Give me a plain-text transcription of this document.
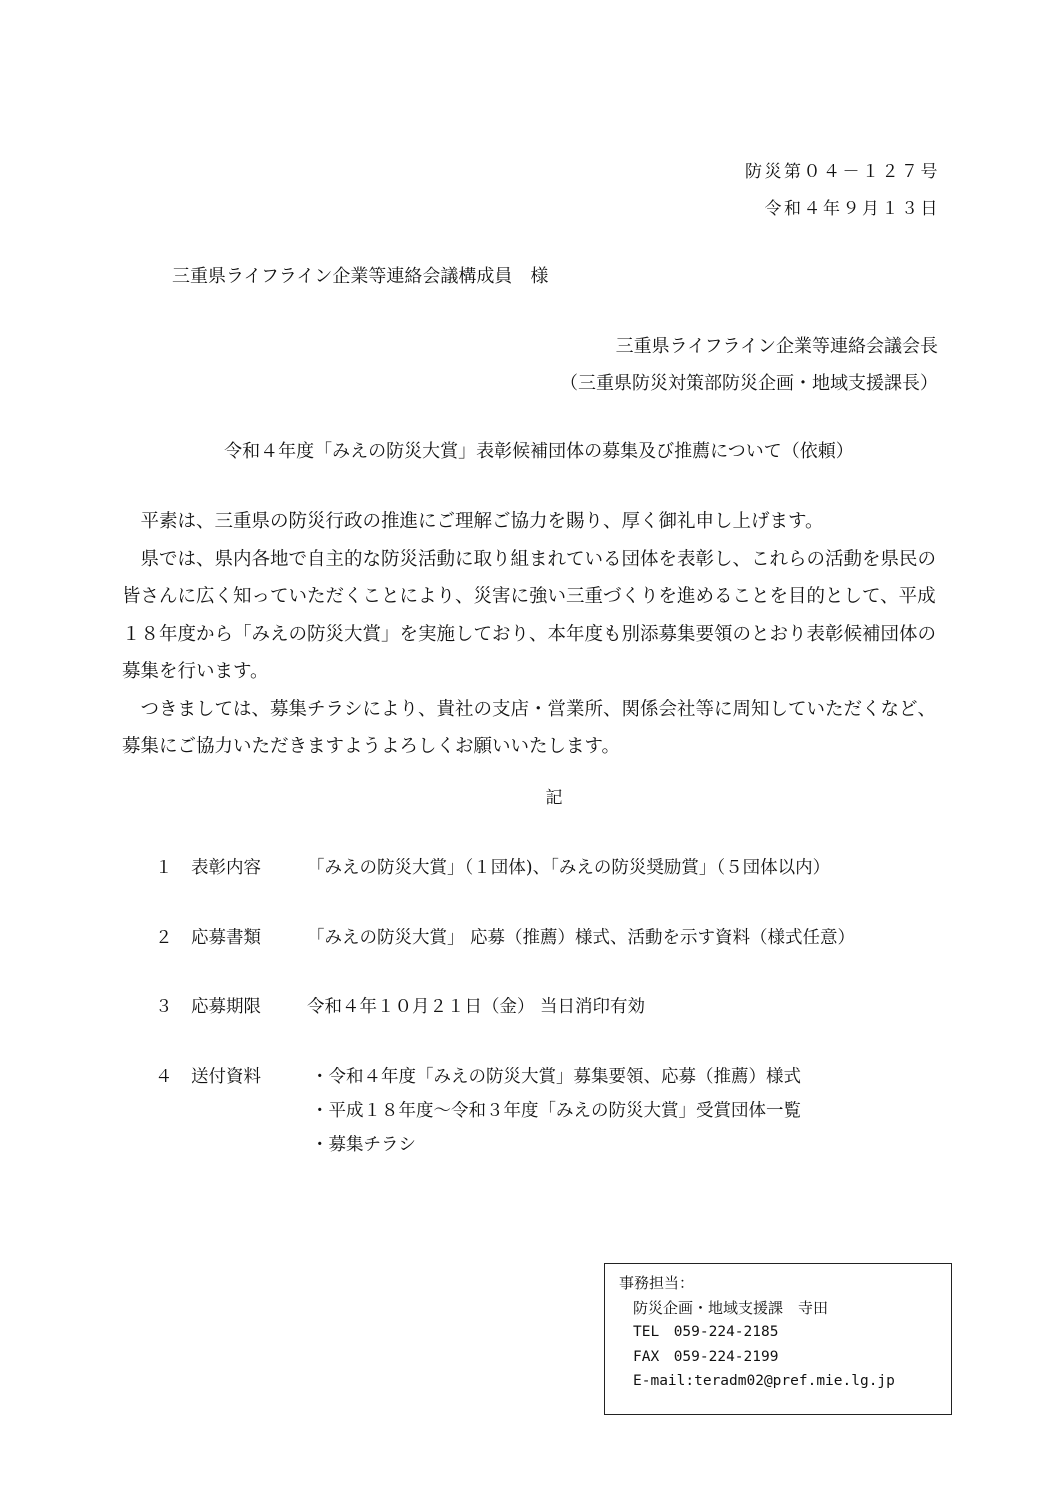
防災第０４－１２７号
令和４年９月１３日
三重県ライフライン企業等連絡会議構成員　様
三重県ライフライン企業等連絡会議会長
（三重県防災対策部防災企画・地域支援課長）
令和４年度「みえの防災大賞」表彰候補団体の募集及び推薦について（依頼）

平素は、三重県の防災行政の推進にご理解ご協力を賜り、厚く御礼申し上げます。

県では、県内各地で自主的な防災活動に取り組まれている団体を表彰し、これらの活動を県民の皆さんに広く知っていただくことにより、災害に強い三重づくりを進めることを目的として、平成１８年度から「みえの防災大賞」を実施しており、本年度も別添募集要領のとおり表彰候補団体の募集を行います。

つきましては、募集チラシにより、貴社の支店・営業所、関係会社等に周知していただくなど、募集にご協力いただきますようよろしくお願いいたします。

記
１ 表彰内容	「みえの防災大賞」（１団体)、「みえの防災奨励賞」（５団体以内）
２ 応募書類	「みえの防災大賞」 応募（推薦）様式、活動を示す資料（様式任意）
３ 応募期限	令和４年１０月２１日（金） 当日消印有効
４ 送付資料	・令和４年度「みえの防災大賞」募集要領、応募（推薦）様式
・平成１８年度～令和３年度「みえの防災大賞」受賞団体一覧
・募集チラシ
事務担当：
防災企画・地域支援課　寺田
TEL　059-224-2185
FAX　059-224-2199
E-mail:teradm02@pref.mie.lg.jp
